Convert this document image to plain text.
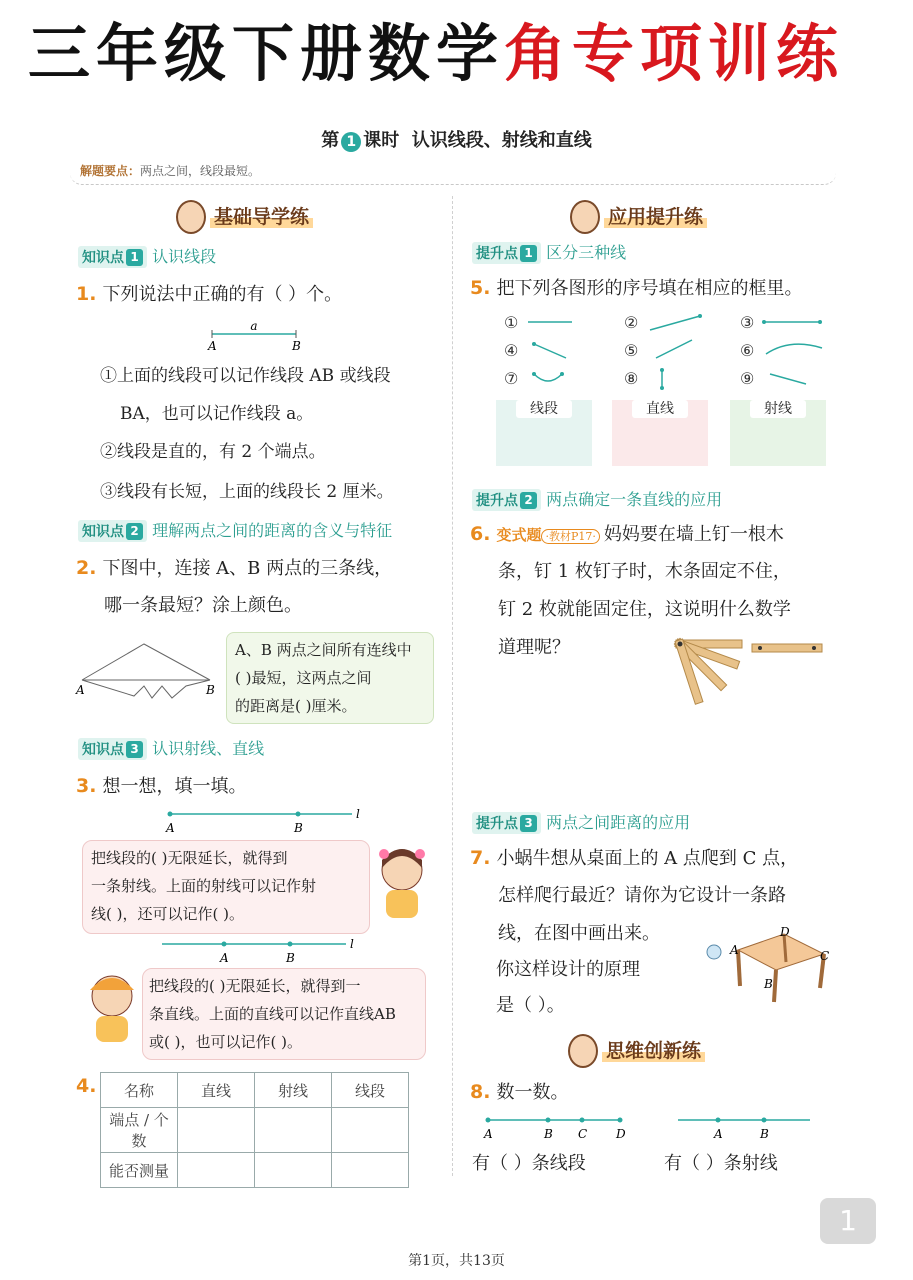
三年级下册数学角专项训练
第 1 课时 认识线段、射线和直线
解题要点：两点之间，线段最短。
基础导学练
知识点 1 认识线段
1. 下列说法中正确的有（ ）个。
a
A	B
①上面的线段可以记作线段 AB 或线段
BA，也可以记作线段 a。
②线段是直的，有 2 个端点。
③线段有长短，上面的线段长 2 厘米。
知识点 2 理解两点之间的距离的含义与特征
2. 下图中，连接 A、B 两点的三条线，
哪一条最短？涂上颜色。
A	B
A、B 两点之间所有连线中
( )最短，这两点之间
的距离是( )厘米。
知识点 3 认识射线、直线
3. 想一想，填一填。
A	B
l
把线段的( )无限延长，就得到
一条射线。上面的射线可以记作射
线( )，还可以记作( )。
A	B
l
把线段的( )无限延长，就得到一
条直线。上面的直线可以记作直线AB
或( )，也可以记作( )。
4.	名称	直线	射线	线段
端点 / 个数			
能否测量			
应用提升练
提升点 1 区分三种线
5. 把下列各图形的序号填在相应的框里。
①	②	③
④	⑤	⑥
⑦	⑧	⑨
线段	直线	射线
提升点 2 两点确定一条直线的应用
6. 变式题 ·教材P17· 妈妈要在墙上钉一根木
条，钉 1 枚钉子时，木条固定不住，
钉 2 枚就能固定住，这说明什么数学
道理呢？
提升点 3 两点之间距离的应用
7. 小蜗牛想从桌面上的 A 点爬到 C 点，
怎样爬行最近？请你为它设计一条路
线，在图中画出来。
你这样设计的原理
是（ ）。
A
D
C
B
思维创新练
8. 数一数。
A	B C D	A	B
有（ ）条线段	有（ ）条射线
1
第1页，共13页
